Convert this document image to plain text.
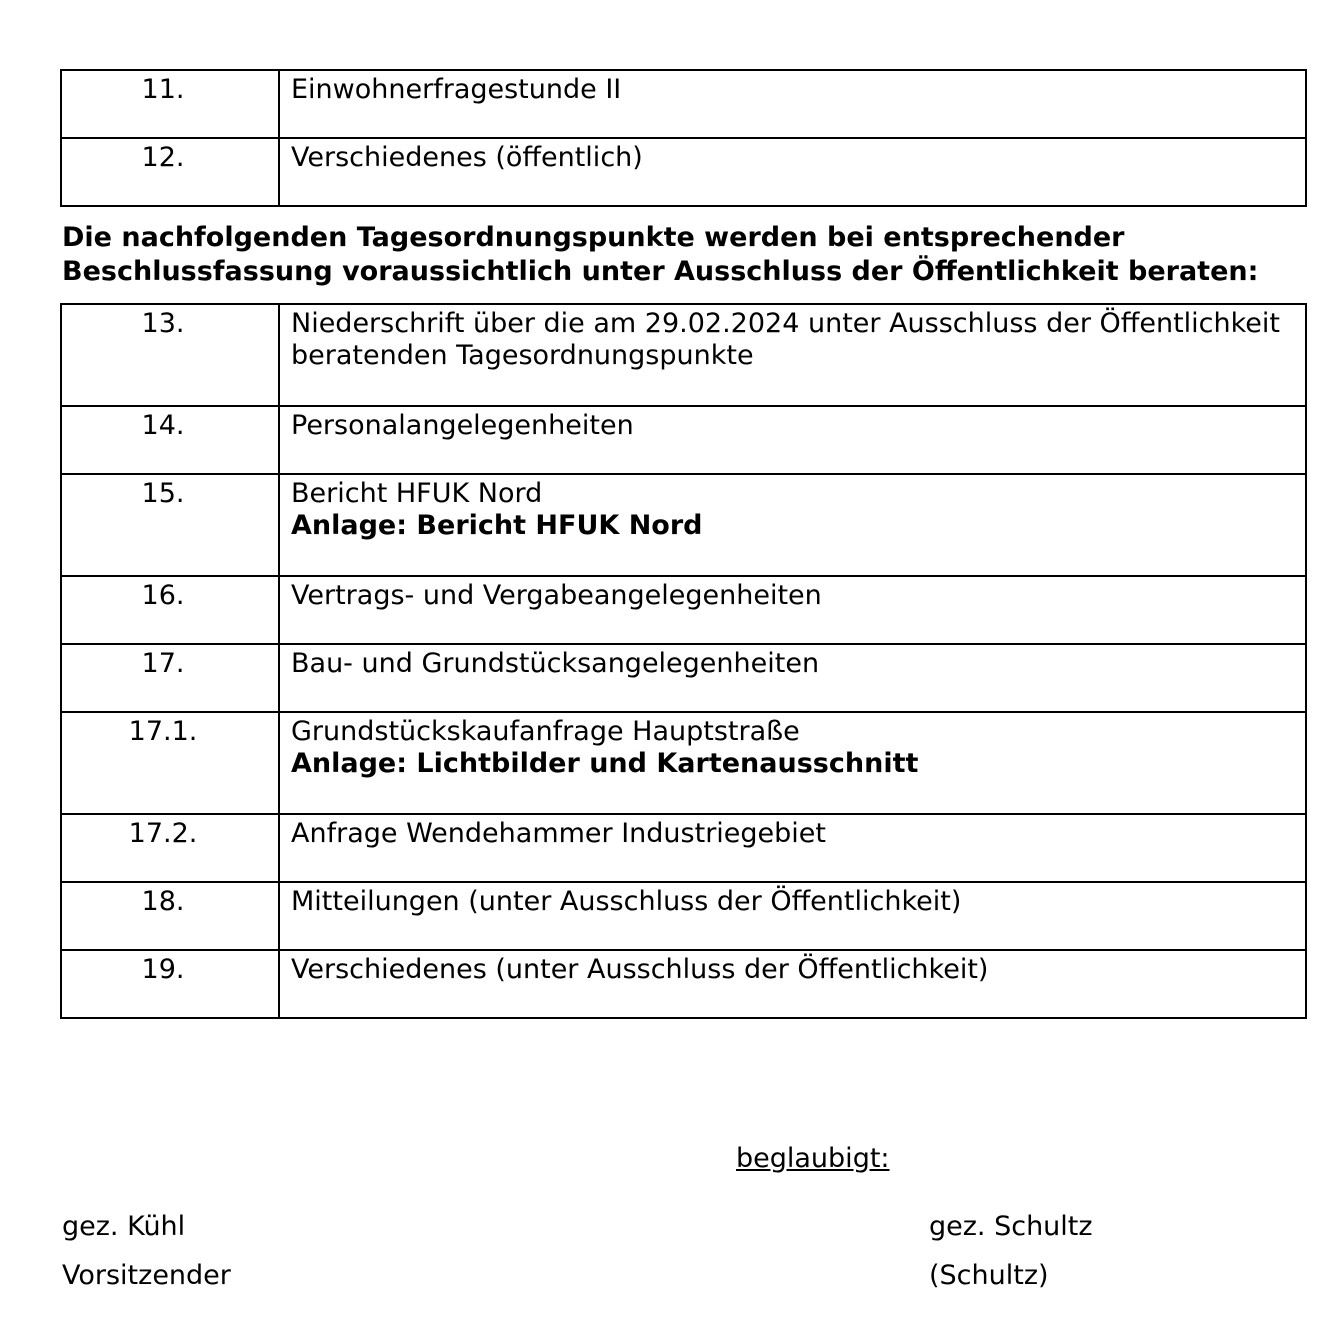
11.	Einwohnerfragestunde II
12.	Verschiedenes (öffentlich)
Die nachfolgenden Tagesordnungspunkte werden bei entsprechender Beschlussfassung voraussichtlich unter Ausschluss der Öffentlichkeit beraten:
13.	Niederschrift über die am 29.02.2024 unter Ausschluss der Öffentlichkeit beratenden Tagesordnungspunkte
14.	Personalangelegenheiten
15.	Bericht HFUK Nord
Anlage: Bericht HFUK Nord

16.	Vertrags- und Vergabeangelegenheiten
17.	Bau- und Grundstücksangelegenheiten
17.1.	Grundstückskaufanfrage Hauptstraße
Anlage: Lichtbilder und Kartenausschnitt

17.2.	Anfrage Wendehammer Industriegebiet
18.	Mitteilungen (unter Ausschluss der Öffentlichkeit)
19.	Verschiedenes (unter Ausschluss der Öffentlichkeit)
beglaubigt:
gez. Kühl
Vorsitzender
gez. Schultz
(Schultz)
